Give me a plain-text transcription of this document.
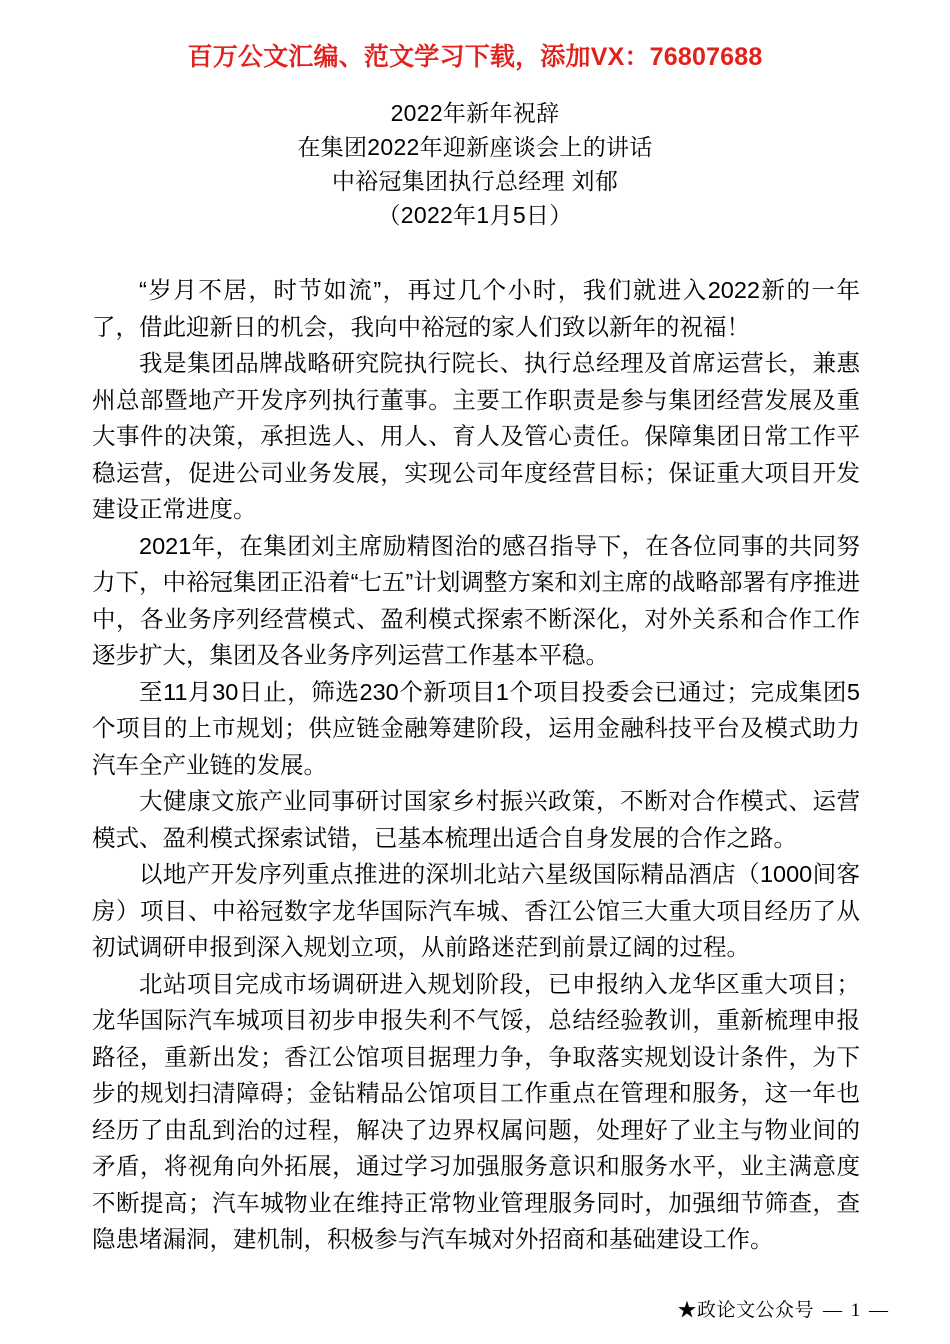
百万公文汇编、范文学习下载，添加VX：76807688
2022年新年祝辞
在集团2022年迎新座谈会上的讲话
中裕冠集团执行总经理 刘郁
（2022年1月5日）

“岁月不居，时节如流”，再过几个小时，我们就进入2022新的一年了，借此迎新日的机会，我向中裕冠的家人们致以新年的祝福！

我是集团品牌战略研究院执行院长、执行总经理及首席运营长，兼惠州总部暨地产开发序列执行董事。主要工作职责是参与集团经营发展及重大事件的决策，承担选人、用人、育人及管心责任。保障集团日常工作平稳运营，促进公司业务发展，实现公司年度经营目标；保证重大项目开发建设正常进度。

2021年，在集团刘主席励精图治的感召指导下，在各位同事的共同努力下，中裕冠集团正沿着“七五”计划调整方案和刘主席的战略部署有序推进中，各业务序列经营模式、盈利模式探索不断深化，对外关系和合作工作逐步扩大，集团及各业务序列运营工作基本平稳。

至11月30日止，筛选230个新项目1个项目投委会已通过；完成集团5个项目的上市规划；供应链金融筹建阶段，运用金融科技平台及模式助力汽车全产业链的发展。

大健康文旅产业同事研讨国家乡村振兴政策，不断对合作模式、运营模式、盈利模式探索试错，已基本梳理出适合自身发展的合作之路。

以地产开发序列重点推进的深圳北站六星级国际精品酒店（1000间客房）项目、中裕冠数字龙华国际汽车城、香江公馆三大重大项目经历了从初试调研申报到深入规划立项，从前路迷茫到前景辽阔的过程。

北站项目完成市场调研进入规划阶段，已申报纳入龙华区重大项目；龙华国际汽车城项目初步申报失利不气馁，总结经验教训，重新梳理申报路径，重新出发；香江公馆项目据理力争，争取落实规划设计条件，为下步的规划扫清障碍；金钻精品公馆项目工作重点在管理和服务，这一年也经历了由乱到治的过程，解决了边界权属问题，处理好了业主与物业间的矛盾，将视角向外拓展，通过学习加强服务意识和服务水平，业主满意度不断提高；汽车城物业在维持正常物业管理服务同时，加强细节筛查，查隐患堵漏洞，建机制，积极参与汽车城对外招商和基础建设工作。

★政论文公众号 — 1 —
